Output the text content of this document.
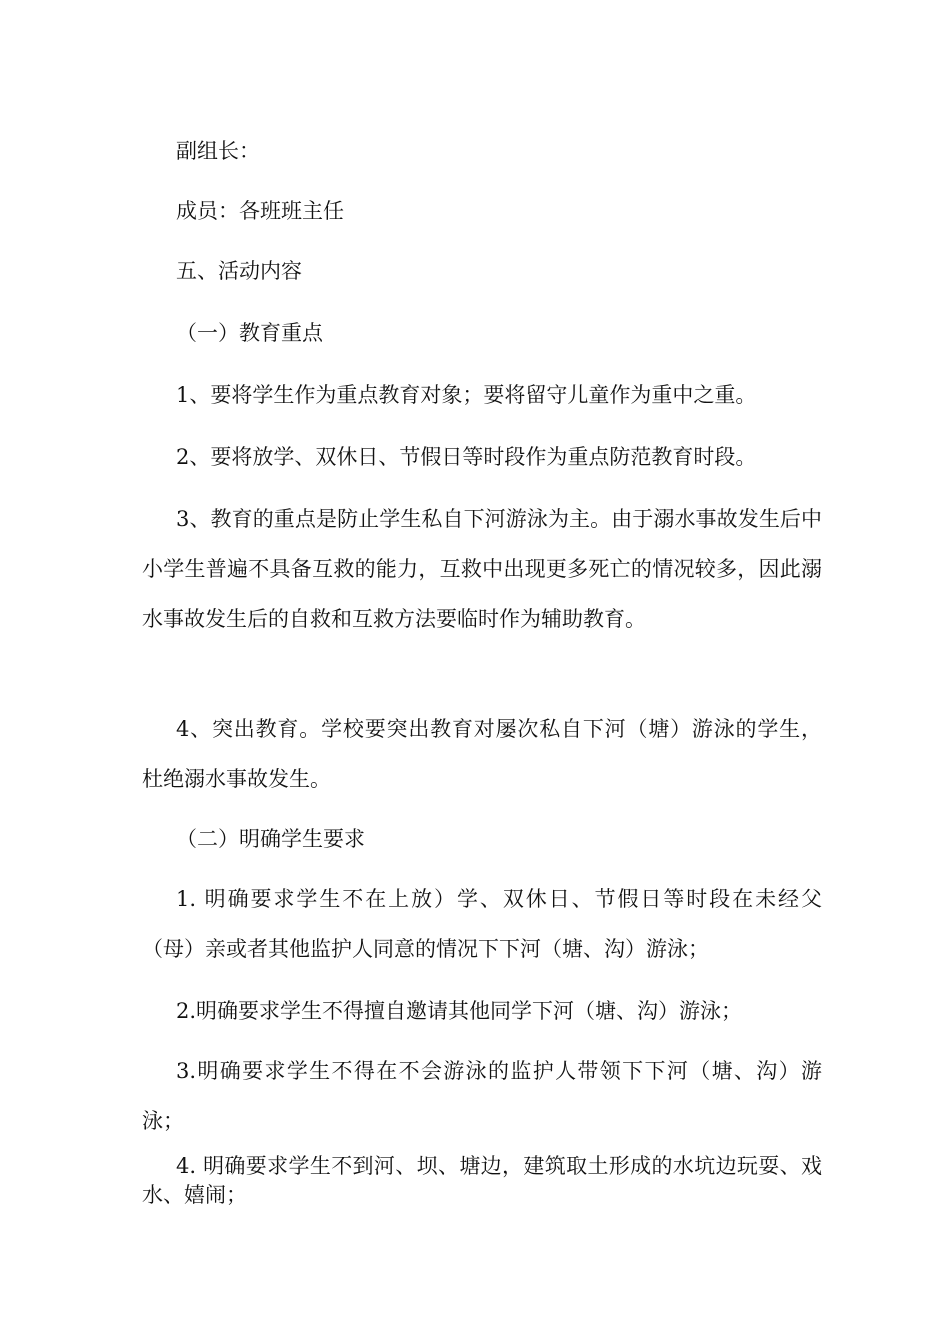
副组长：

成员：各班班主任

五、活动内容

（一）教育重点

1、要将学生作为重点教育对象；要将留守儿童作为重中之重。

2、要将放学、双休日、节假日等时段作为重点防范教育时段。

3、教育的重点是防止学生私自下河游泳为主。由于溺水事故发生后中小学生普遍不具备互救的能力，互救中出现更多死亡的情况较多，因此溺水事故发生后的自救和互救方法要临时作为辅助教育。

4、突出教育。学校要突出教育对屡次私自下河（塘）游泳的学生， 杜绝溺水事故发生。

（二）明确学生要求

1. 明确要求学生不在上放）学、双休日、节假日等时段在未经父 （母）亲或者其他监护人同意的情况下下河（塘、沟）游泳；

2.明确要求学生不得擅自邀请其他同学下河（塘、沟）游泳；

3.明确要求学生不得在不会游泳的监护人带领下下河（塘、沟）游泳；

4. 明确要求学生不到河、坝、塘边，建筑取土形成的水坑边玩耍、戏水、嬉闹；
